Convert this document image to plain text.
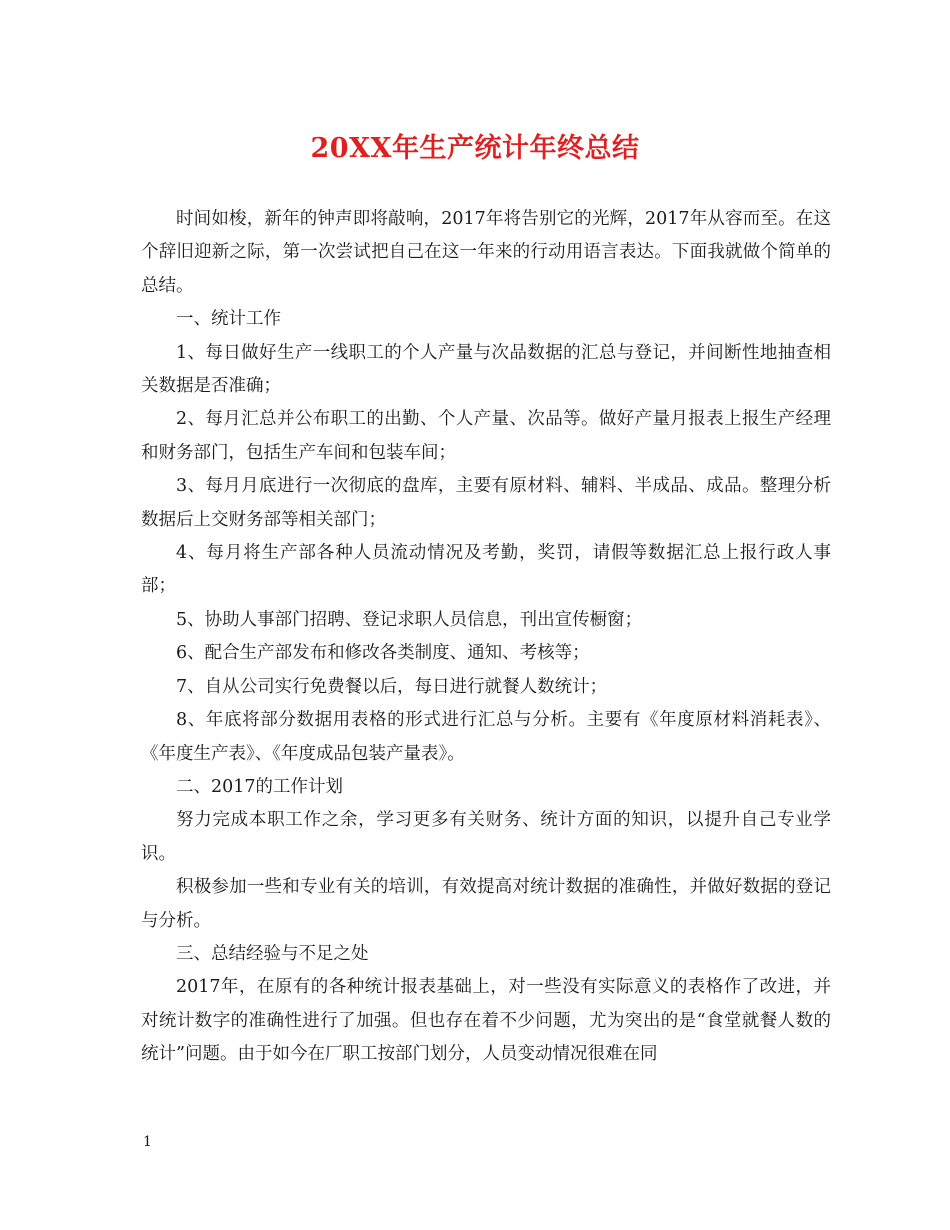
20XX年生产统计年终总结

时间如梭，新年的钟声即将敲响，2017年将告别它的光辉，2017年从容而至。在这个辞旧迎新之际，第一次尝试把自己在这一年来的行动用语言表达。下面我就做个简单的总结。

一、统计工作

1、每日做好生产一线职工的个人产量与次品数据的汇总与登记，并间断性地抽查相关数据是否准确；

2、每月汇总并公布职工的出勤、个人产量、次品等。做好产量月报表上报生产经理和财务部门，包括生产车间和包装车间；

3、每月月底进行一次彻底的盘库，主要有原材料、辅料、半成品、成品。整理分析数据后上交财务部等相关部门；

4、每月将生产部各种人员流动情况及考勤，奖罚，请假等数据汇总上报行政人事部；

5、协助人事部门招聘、登记求职人员信息，刊出宣传橱窗；

6、配合生产部发布和修改各类制度、通知、考核等；

7、自从公司实行免费餐以后，每日进行就餐人数统计；

8、年底将部分数据用表格的形式进行汇总与分析。主要有《年度原材料消耗表》、《年度生产表》、《年度成品包装产量表》。

二、2017的工作计划

努力完成本职工作之余，学习更多有关财务、统计方面的知识，以提升自己专业学识。

积极参加一些和专业有关的培训，有效提高对统计数据的准确性，并做好数据的登记与分析。

三、总结经验与不足之处

2017年，在原有的各种统计报表基础上，对一些没有实际意义的表格作了改进，并对统计数字的准确性进行了加强。但也存在着不少问题，尤为突出的是“食堂就餐人数的统计”问题。由于如今在厂职工按部门划分，人员变动情况很难在同

1
